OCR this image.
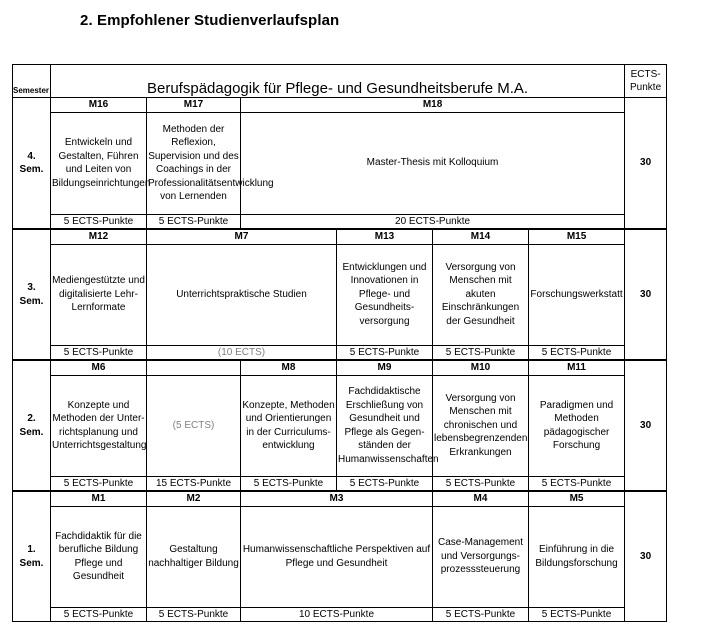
2. Empfohlener Studienverlaufsplan
Semester	Berufspädagogik für Pflege- und Gesundheitsberufe M.A.						ECTS-Punkte
4. Sem.	M16	M17	M18				30
	Entwickeln und Gestalten, Führen und Leiten von Bildungseinrichtungen	Methoden der Reflexion, Supervision und des Coachings in der Professionalitätsentwicklung von Lernenden	Master-Thesis mit Kolloquium				
	5 ECTS-Punkte	5 ECTS-Punkte	20 ECTS-Punkte				
3. Sem.	M12	M7		M13	M14	M15	30
	Mediengestützte und digitalisierte Lehr-Lernformate	Unterrichtspraktische Studien		Entwicklungen und Innovationen in Pflege- und Gesundheits-versorgung	Versorgung von Menschen mit akuten Einschränkungen der Gesundheit	Forschungswerkstatt	
	5 ECTS-Punkte	(10 ECTS)		5 ECTS-Punkte	5 ECTS-Punkte	5 ECTS-Punkte	
2. Sem.	M6		M8	M9	M10	M11	30
	Konzepte und Methoden der Unter-richtsplanung und Unterrichtsgestaltung	(5 ECTS)	Konzepte, Methoden und Orientierungen in der Curriculums-entwicklung	Fachdidaktische Erschließung von Gesundheit und Pflege als Gegen-ständen der Humanwissenschaften	Versorgung von Menschen mit chronischen und lebensbegrenzenden Erkrankungen	Paradigmen und Methoden pädagogischer Forschung	
	5 ECTS-Punkte	15 ECTS-Punkte	5 ECTS-Punkte	5 ECTS-Punkte	5 ECTS-Punkte	5 ECTS-Punkte	
1. Sem.	M1	M2	M3		M4	M5	30
	Fachdidaktik für die berufliche Bildung Pflege und Gesundheit	Gestaltung nachhaltiger Bildung	Humanwissenschaftliche Perspektiven auf Pflege und Gesundheit		Case-Management und Versorgungs-prozesssteuerung	Einführung in die Bildungsforschung	
	5 ECTS-Punkte	5 ECTS-Punkte	10 ECTS-Punkte		5 ECTS-Punkte	5 ECTS-Punkte	
